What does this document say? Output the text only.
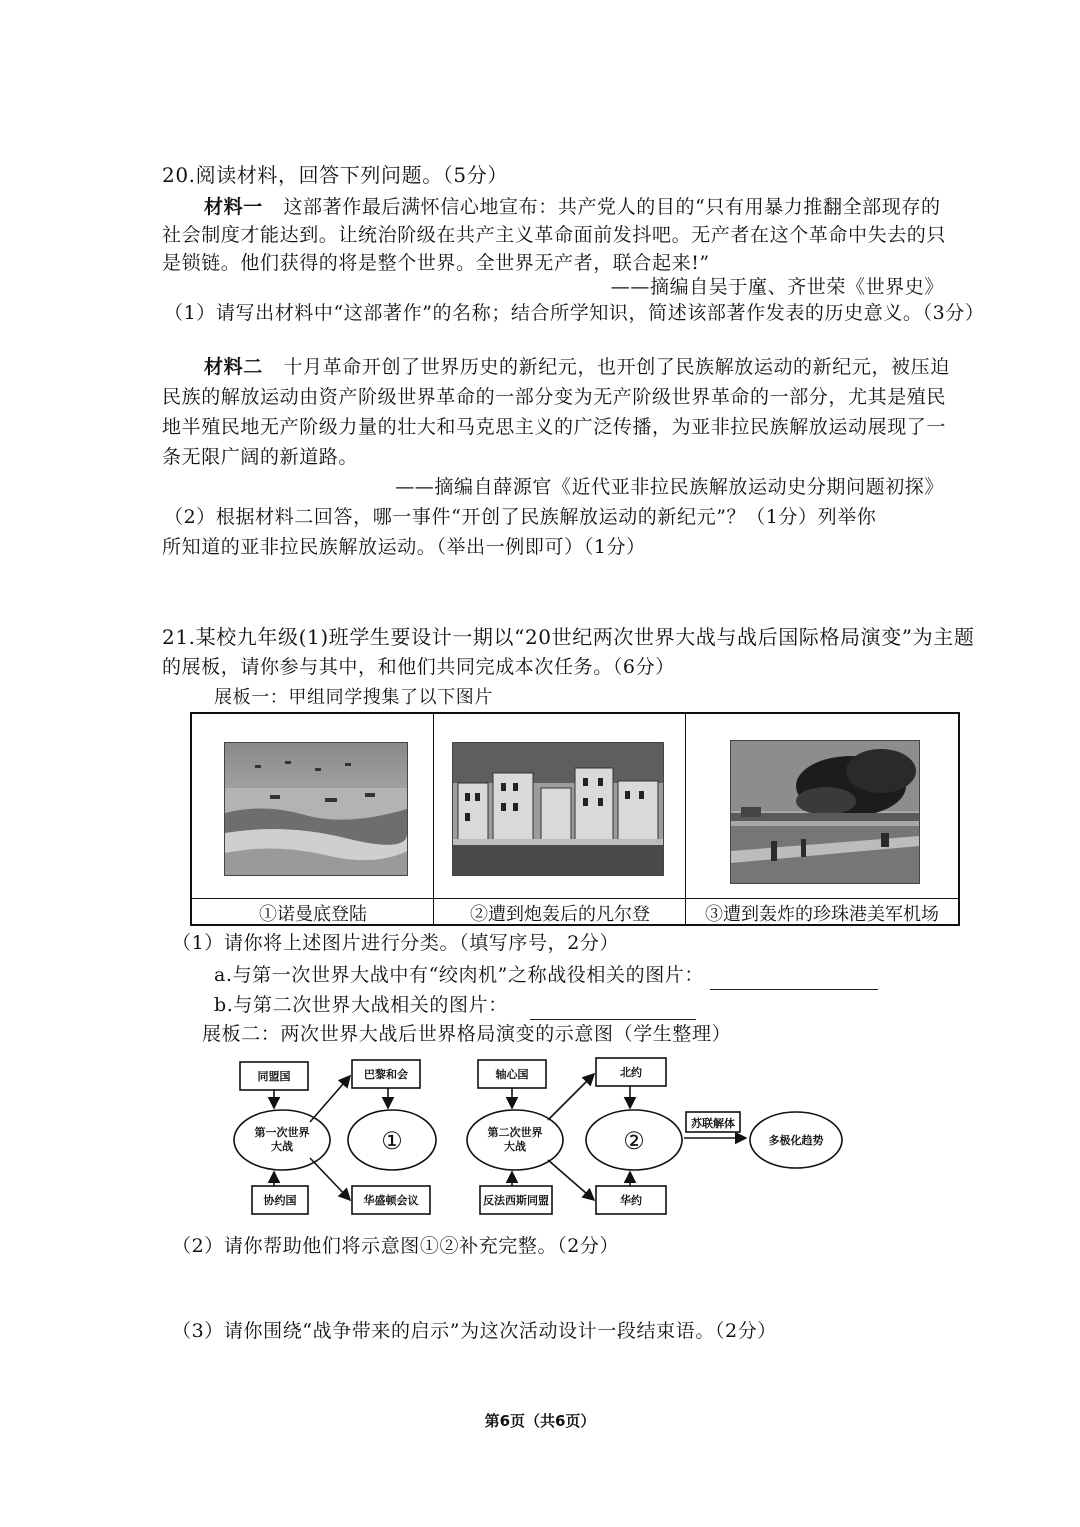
20.阅读材料，回答下列问题。（5分）
材料一 这部著作最后满怀信心地宣布：共产党人的目的“只有用暴力推翻全部现存的
社会制度才能达到。让统治阶级在共产主义革命面前发抖吧。无产者在这个革命中失去的只
是锁链。他们获得的将是整个世界。全世界无产者，联合起来!”
——摘编自吴于廑、齐世荣《世界史》
（1）请写出材料中“这部著作”的名称；结合所学知识，简述该部著作发表的历史意义。（3分）
材料二 十月革命开创了世界历史的新纪元，也开创了民族解放运动的新纪元，被压迫
民族的解放运动由资产阶级世界革命的一部分变为无产阶级世界革命的一部分，尤其是殖民
地半殖民地无产阶级力量的壮大和马克思主义的广泛传播，为亚非拉民族解放运动展现了一
条无限广阔的新道路。
——摘编自薛源官《近代亚非拉民族解放运动史分期问题初探》
（2）根据材料二回答，哪一事件“开创了民族解放运动的新纪元”？（1分）列举你
所知道的亚非拉民族解放运动。（举出一例即可）（1分）
21.某校九年级(1)班学生要设计一期以“20世纪两次世界大战与战后国际格局演变”为主题
的展板，请你参与其中，和他们共同完成本次任务。（6分）
展板一：甲组同学搜集了以下图片
①诺曼底登陆	②遭到炮轰后的凡尔登	③遭到轰炸的珍珠港美军机场
（1）请你将上述图片进行分类。（填写序号，2分）
a.与第一次世界大战中有“绞肉机”之称战役相关的图片：
b.与第二次世界大战相关的图片：
展板二：两次世界大战后世界格局演变的示意图（学生整理）
同盟国
协约国
巴黎和会
华盛顿会议
第一次世界
大战
轴心国
反法西斯同盟
北约
华约
第二次世界
大战
苏联解体
多极化趋势
①	②
（2）请你帮助他们将示意图①②补充完整。（2分）
（3）请你围绕“战争带来的启示”为这次活动设计一段结束语。（2分）
第6页（共6页）
